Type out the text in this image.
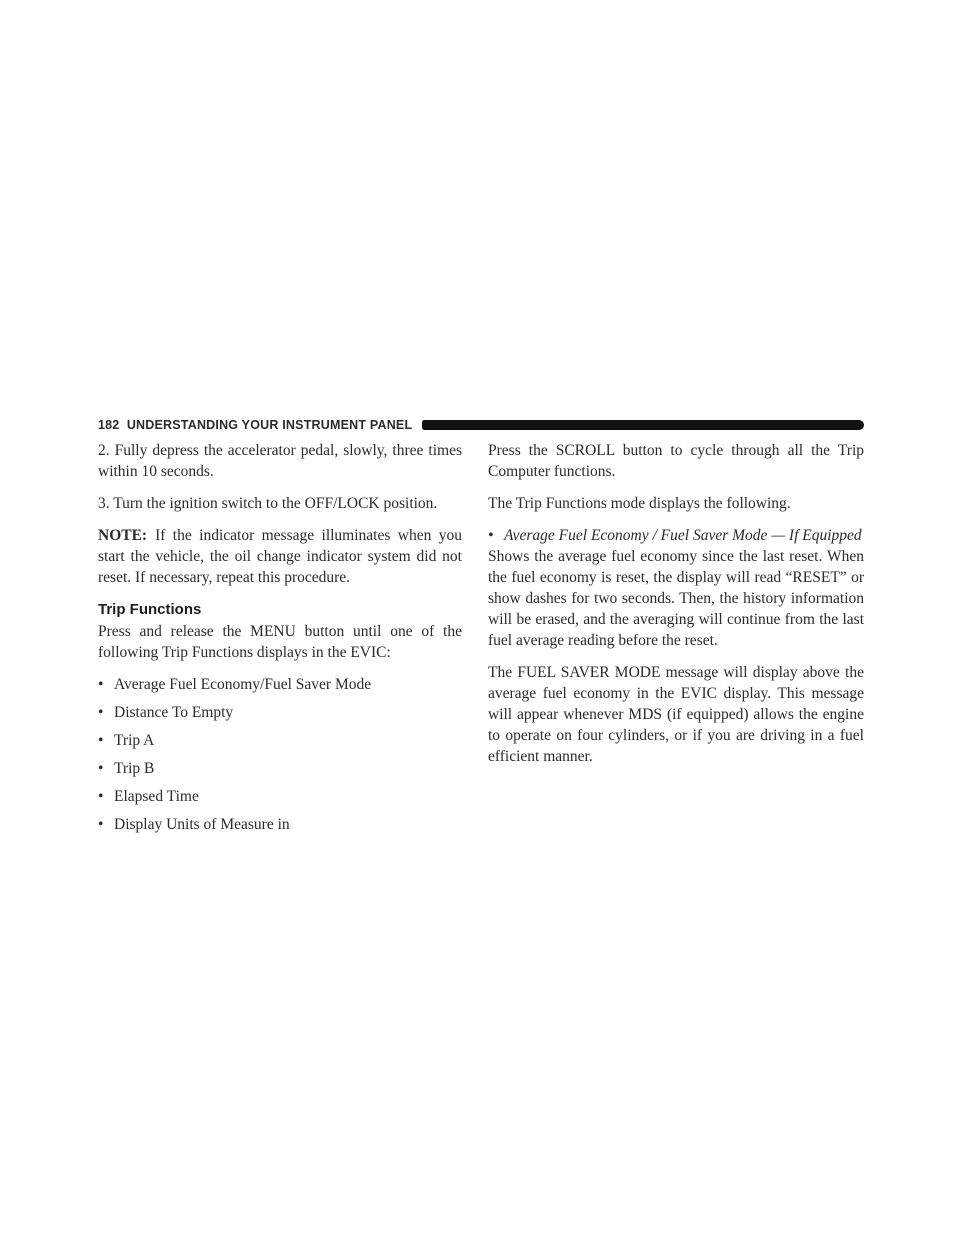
182 UNDERSTANDING YOUR INSTRUMENT PANEL

2. Fully depress the accelerator pedal, slowly, three times within 10 seconds.

3. Turn the ignition switch to the OFF/LOCK position.

NOTE: If the indicator message illuminates when you start the vehicle, the oil change indicator system did not reset. If necessary, repeat this procedure.

Trip Functions

Press and release the MENU button until one of the following Trip Functions displays in the EVIC:

• Average Fuel Economy/Fuel Saver Mode
• Distance To Empty
• Trip A
• Trip B
• Elapsed Time
• Display Units of Measure in

Press the SCROLL button to cycle through all the Trip Computer functions.

The Trip Functions mode displays the following.

• Average Fuel Economy / Fuel Saver Mode — If Equipped

Shows the average fuel economy since the last reset. When the fuel economy is reset, the display will read “RESET” or show dashes for two seconds. Then, the history information will be erased, and the averaging will continue from the last fuel average reading before the reset.

The FUEL SAVER MODE message will display above the average fuel economy in the EVIC display. This message will appear whenever MDS (if equipped) allows the engine to operate on four cylinders, or if you are driving in a fuel efficient manner.
